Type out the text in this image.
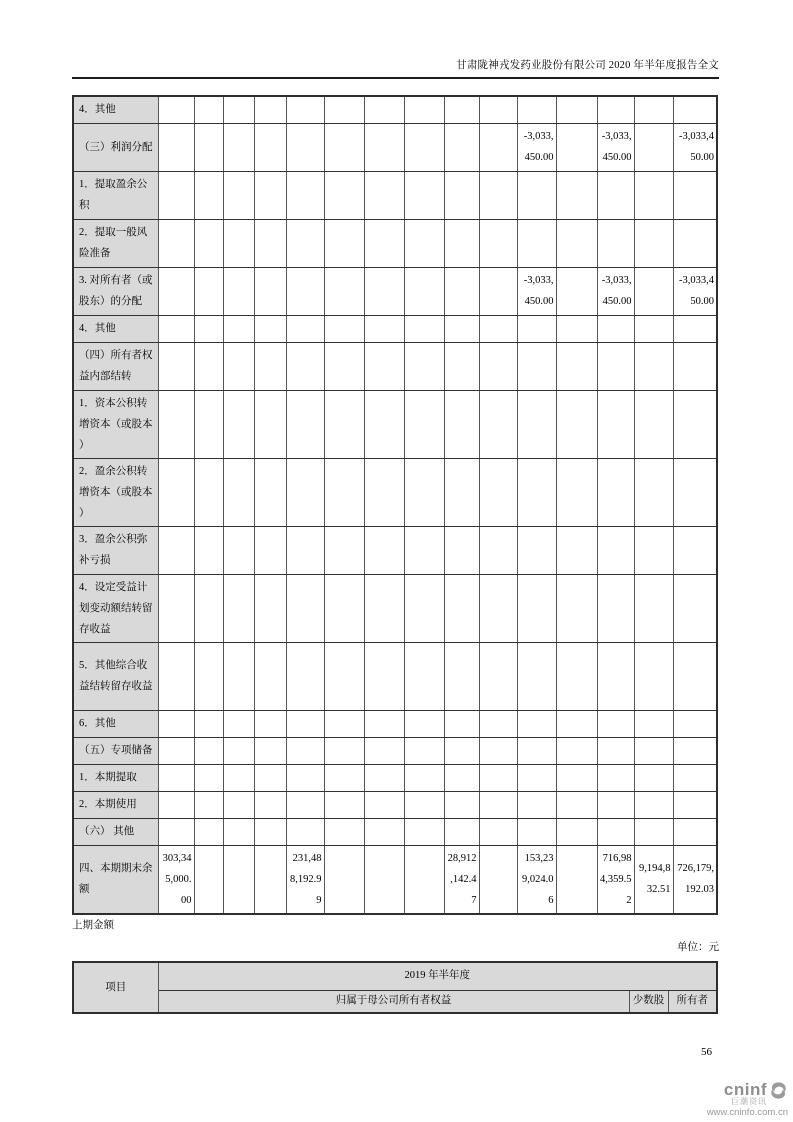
甘肃陇神戎发药业股份有限公司 2020 年半年度报告全文
4．其他															
（三）利润分配											-3,033,450.00		-3,033,450.00		-3,033,450.00
1．提取盈余公积															
2．提取一般风险准备															
3. 对所有者（或股东）的分配											-3,033,450.00		-3,033,450.00		-3,033,450.00
4．其他															
（四）所有者权益内部结转															
1．资本公积转增资本（或股本）															
2．盈余公积转增资本（或股本）															
3．盈余公积弥补亏损															
4．设定受益计划变动额结转留存收益															
5．其他综合收益结转留存收益															
6．其他															
（五）专项储备															
1．本期提取															
2．本期使用															
（六） 其他															
四、本期期末余额	303,345,000.00				231,488,192.99				28,912,142.47		153,239,024.06		716,984,359.52	9,194,832.51	726,179,192.03
上期金额
单位：元
项目	2019 年半年度		
	归属于母公司所有者权益	少数股	所有者
56
cninf
巨潮资讯
www.cninfo.com.cn
